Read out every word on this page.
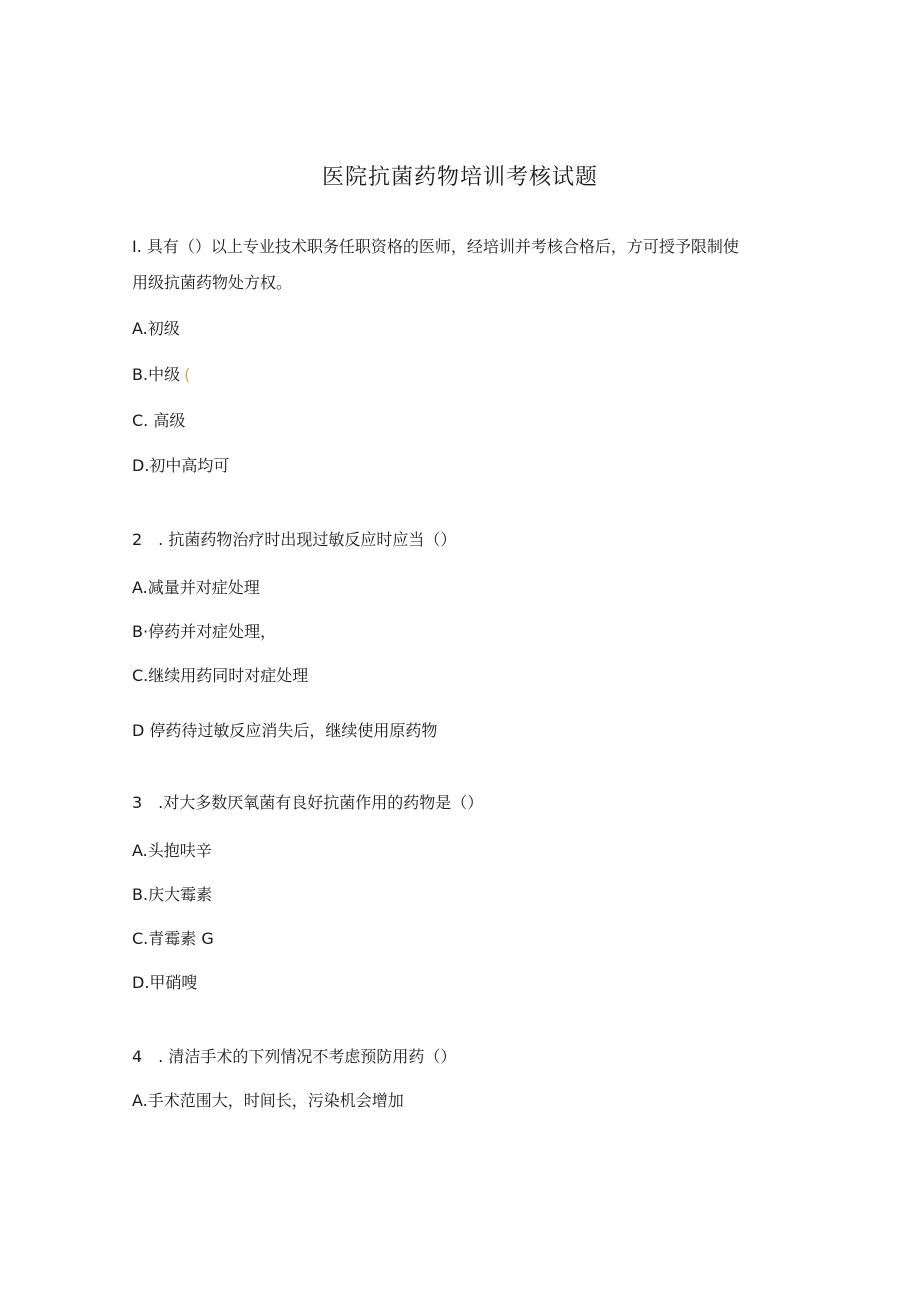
医院抗菌药物培训考核试题
I. 具有（）以上专业技术职务任职资格的医师，经培训并考核合格后，方可授予限制使
用级抗菌药物处方权。
A.初级
B.中级 (
C. 高级
D.初中高均可
2　. 抗菌药物治疗时出现过敏反应时应当（）
A.减量并对症处理
B·停药并对症处理，
C.继续用药同时对症处理
D 停药待过敏反应消失后，继续使用原药物
3　.对大多数厌氧菌有良好抗菌作用的药物是（）
A.头抱呋辛
B.庆大霉素
C.青霉素 G
D.甲硝嗖
4　. 清洁手术的下列情况不考虑预防用药（）
A.手术范围大，时间长，污染机会增加
